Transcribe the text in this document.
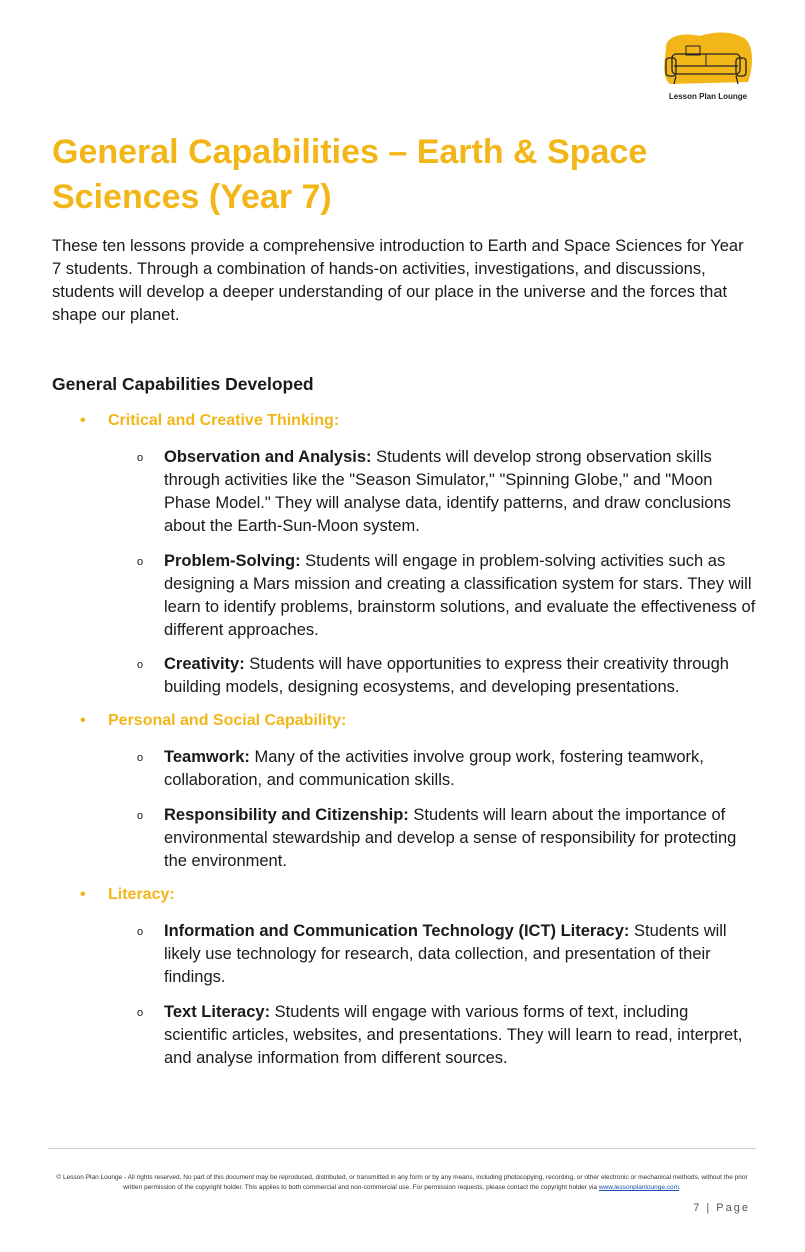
Lesson Plan Lounge
General Capabilities – Earth & Space Sciences (Year 7)

These ten lessons provide a comprehensive introduction to Earth and Space Sciences for Year 7 students. Through a combination of hands-on activities, investigations, and discussions, students will develop a deeper understanding of our place in the universe and the forces that shape our planet.

General Capabilities Developed
• Critical and Creative Thinking:
o Observation and Analysis: Students will develop strong observation skills through activities like the "Season Simulator," "Spinning Globe," and "Moon Phase Model." They will analyse data, identify patterns, and draw conclusions about the Earth-Sun-Moon system.
o Problem-Solving: Students will engage in problem-solving activities such as designing a Mars mission and creating a classification system for stars. They will learn to identify problems, brainstorm solutions, and evaluate the effectiveness of different approaches.
o Creativity: Students will have opportunities to express their creativity through building models, designing ecosystems, and developing presentations.
• Personal and Social Capability:
o Teamwork: Many of the activities involve group work, fostering teamwork, collaboration, and communication skills.
o Responsibility and Citizenship: Students will learn about the importance of environmental stewardship and develop a sense of responsibility for protecting the environment.
• Literacy:
o Information and Communication Technology (ICT) Literacy: Students will likely use technology for research, data collection, and presentation of their findings.
o Text Literacy: Students will engage with various forms of text, including scientific articles, websites, and presentations. They will learn to read, interpret, and analyse information from different sources.
© Lesson Plan Lounge - All rights reserved. No part of this document may be reproduced, distributed, or transmitted in any form or by any means, including photocopying, recording, or other electronic or mechanical methods, without the prior written permission of the copyright holder. This applies to both commercial and non-commercial use. For permission requests, please contact the copyright holder via www.lessonplanlounge.com.
7 | Page
